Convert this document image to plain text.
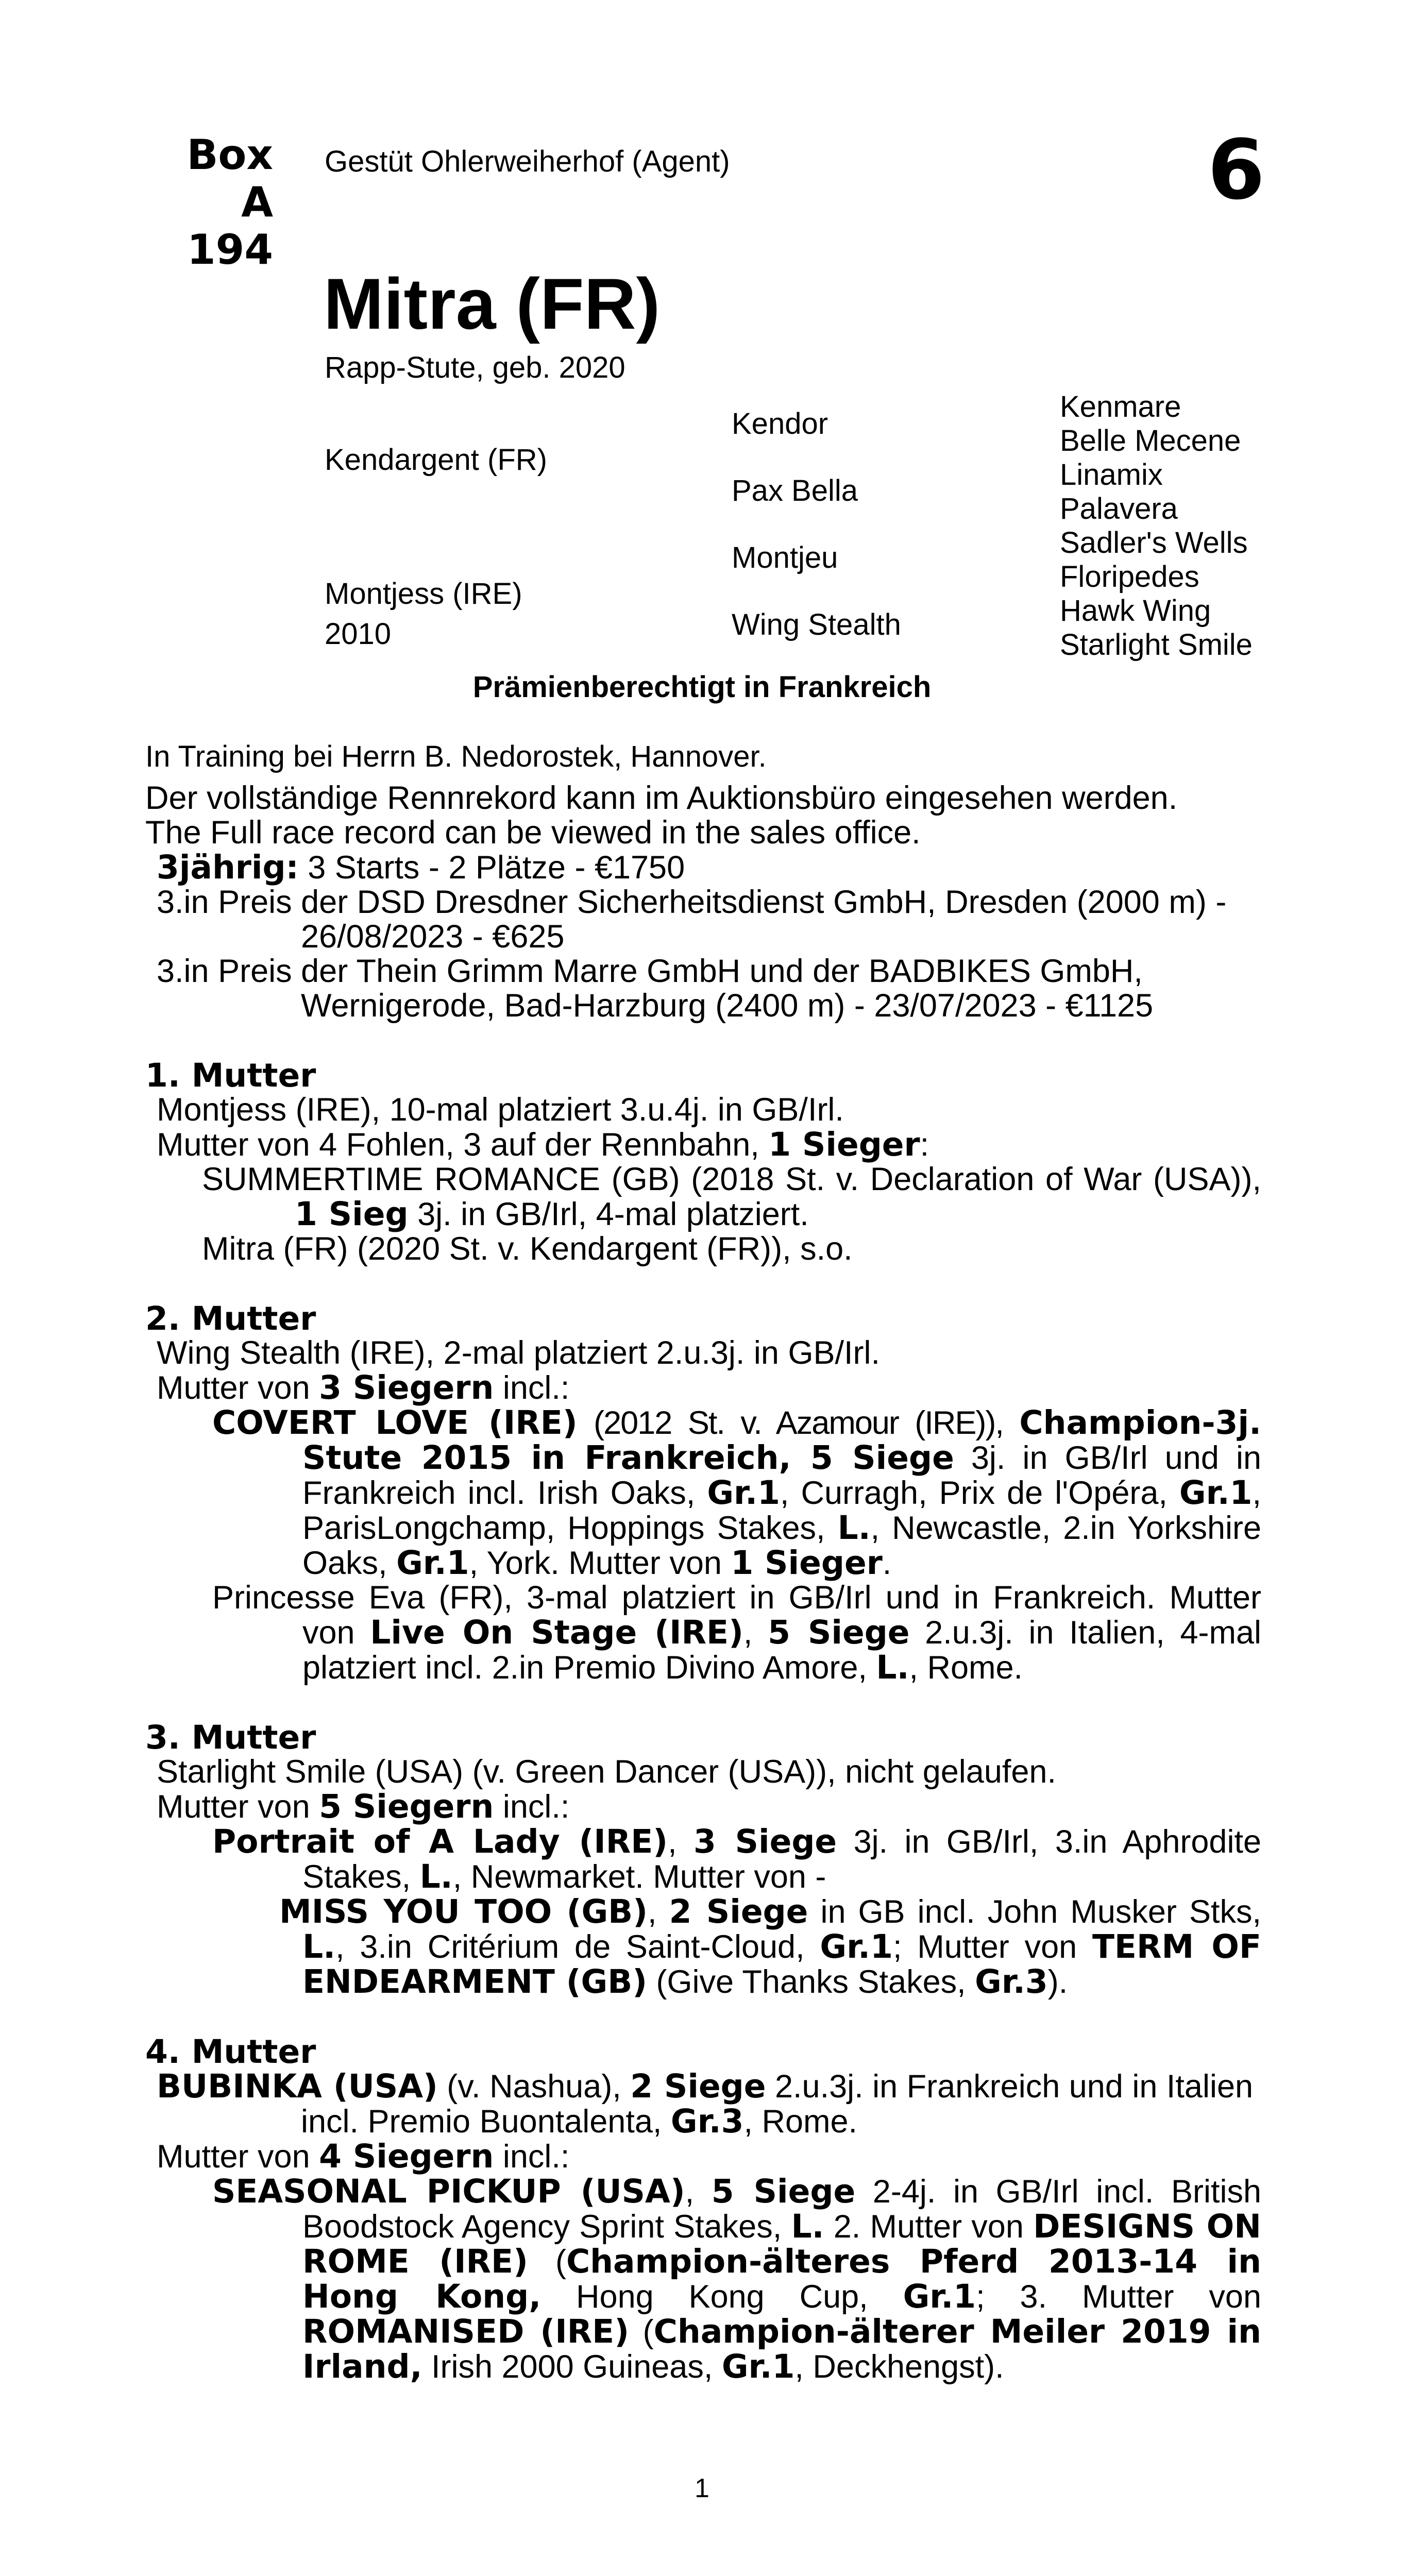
Box
A 194
Gestüt Ohlerweiherhof (Agent)	6
Mitra (FR)
Rapp-Stute, geb. 2020
Kendargent (FR)
Montjess (IRE)
2010
Kendor
Pax Bella
Montjeu
Wing Stealth
Kenmare
Belle Mecene
Linamix
Palavera
Sadler's Wells
Floripedes
Hawk Wing
Starlight Smile
Prämienberechtigt in Frankreich

In Training bei Herrn B. Nedorostek, Hannover.

Der vollständige Rennrekord kann im Auktionsbüro eingesehen werden.

The Full race record can be viewed in the sales office.

3jährig: 3 Starts - 2 Plätze - €1750

3.in Preis der DSD Dresdner Sicherheitsdienst GmbH, Dresden (2000 m) - 26/08/2023 - €625

3.in Preis der Thein Grimm Marre GmbH und der BADBIKES GmbH, Wernigerode, Bad-Harzburg (2400 m) - 23/07/2023 - €1125

1. Mutter

Montjess (IRE), 10-mal platziert 3.u.4j. in GB/Irl.

Mutter von 4 Fohlen, 3 auf der Rennbahn, 1 Sieger:

SUMMERTIME ROMANCE (GB) (2018 St. v. Declaration of War (USA)), 1 Sieg 3j. in GB/Irl, 4-mal platziert.

Mitra (FR) (2020 St. v. Kendargent (FR)), s.o.

2. Mutter

Wing Stealth (IRE), 2-mal platziert 2.u.3j. in GB/Irl.

Mutter von 3 Siegern incl.:

COVERT LOVE (IRE) (2012 St. v. Azamour (IRE)), Champion-3j. Stute 2015 in Frankreich, 5 Siege 3j. in GB/Irl und in Frankreich incl. Irish Oaks, Gr.1, Curragh, Prix de l'Opéra, Gr.1, ParisLongchamp, Hoppings Stakes, L., Newcastle, 2.in Yorkshire Oaks, Gr.1, York. Mutter von 1 Sieger.

Princesse Eva (FR), 3-mal platziert in GB/Irl und in Frankreich. Mutter von Live On Stage (IRE), 5 Siege 2.u.3j. in Italien, 4-mal platziert incl. 2.in Premio Divino Amore, L., Rome.

3. Mutter

Starlight Smile (USA) (v. Green Dancer (USA)), nicht gelaufen.

Mutter von 5 Siegern incl.:

Portrait of A Lady (IRE), 3 Siege 3j. in GB/Irl, 3.in Aphrodite Stakes, L., Newmarket. Mutter von -

MISS YOU TOO (GB), 2 Siege in GB incl. John Musker Stks, L., 3.in Critérium de Saint-Cloud, Gr.1; Mutter von TERM OF ENDEARMENT (GB) (Give Thanks Stakes, Gr.3).

4. Mutter

BUBINKA (USA) (v. Nashua), 2 Siege 2.u.3j. in Frankreich und in Italien incl. Premio Buontalenta, Gr.3, Rome.

Mutter von 4 Siegern incl.:

SEASONAL PICKUP (USA), 5 Siege 2-4j. in GB/Irl incl. British Boodstock Agency Sprint Stakes, L. 2. Mutter von DESIGNS ON ROME (IRE) (Champion-älteres Pferd 2013-14 in Hong Kong, Hong Kong Cup, Gr.1; 3. Mutter von ROMANISED (IRE) (Champion-älterer Meiler 2019 in Irland, Irish 2000 Guineas, Gr.1, Deckhengst).

1
